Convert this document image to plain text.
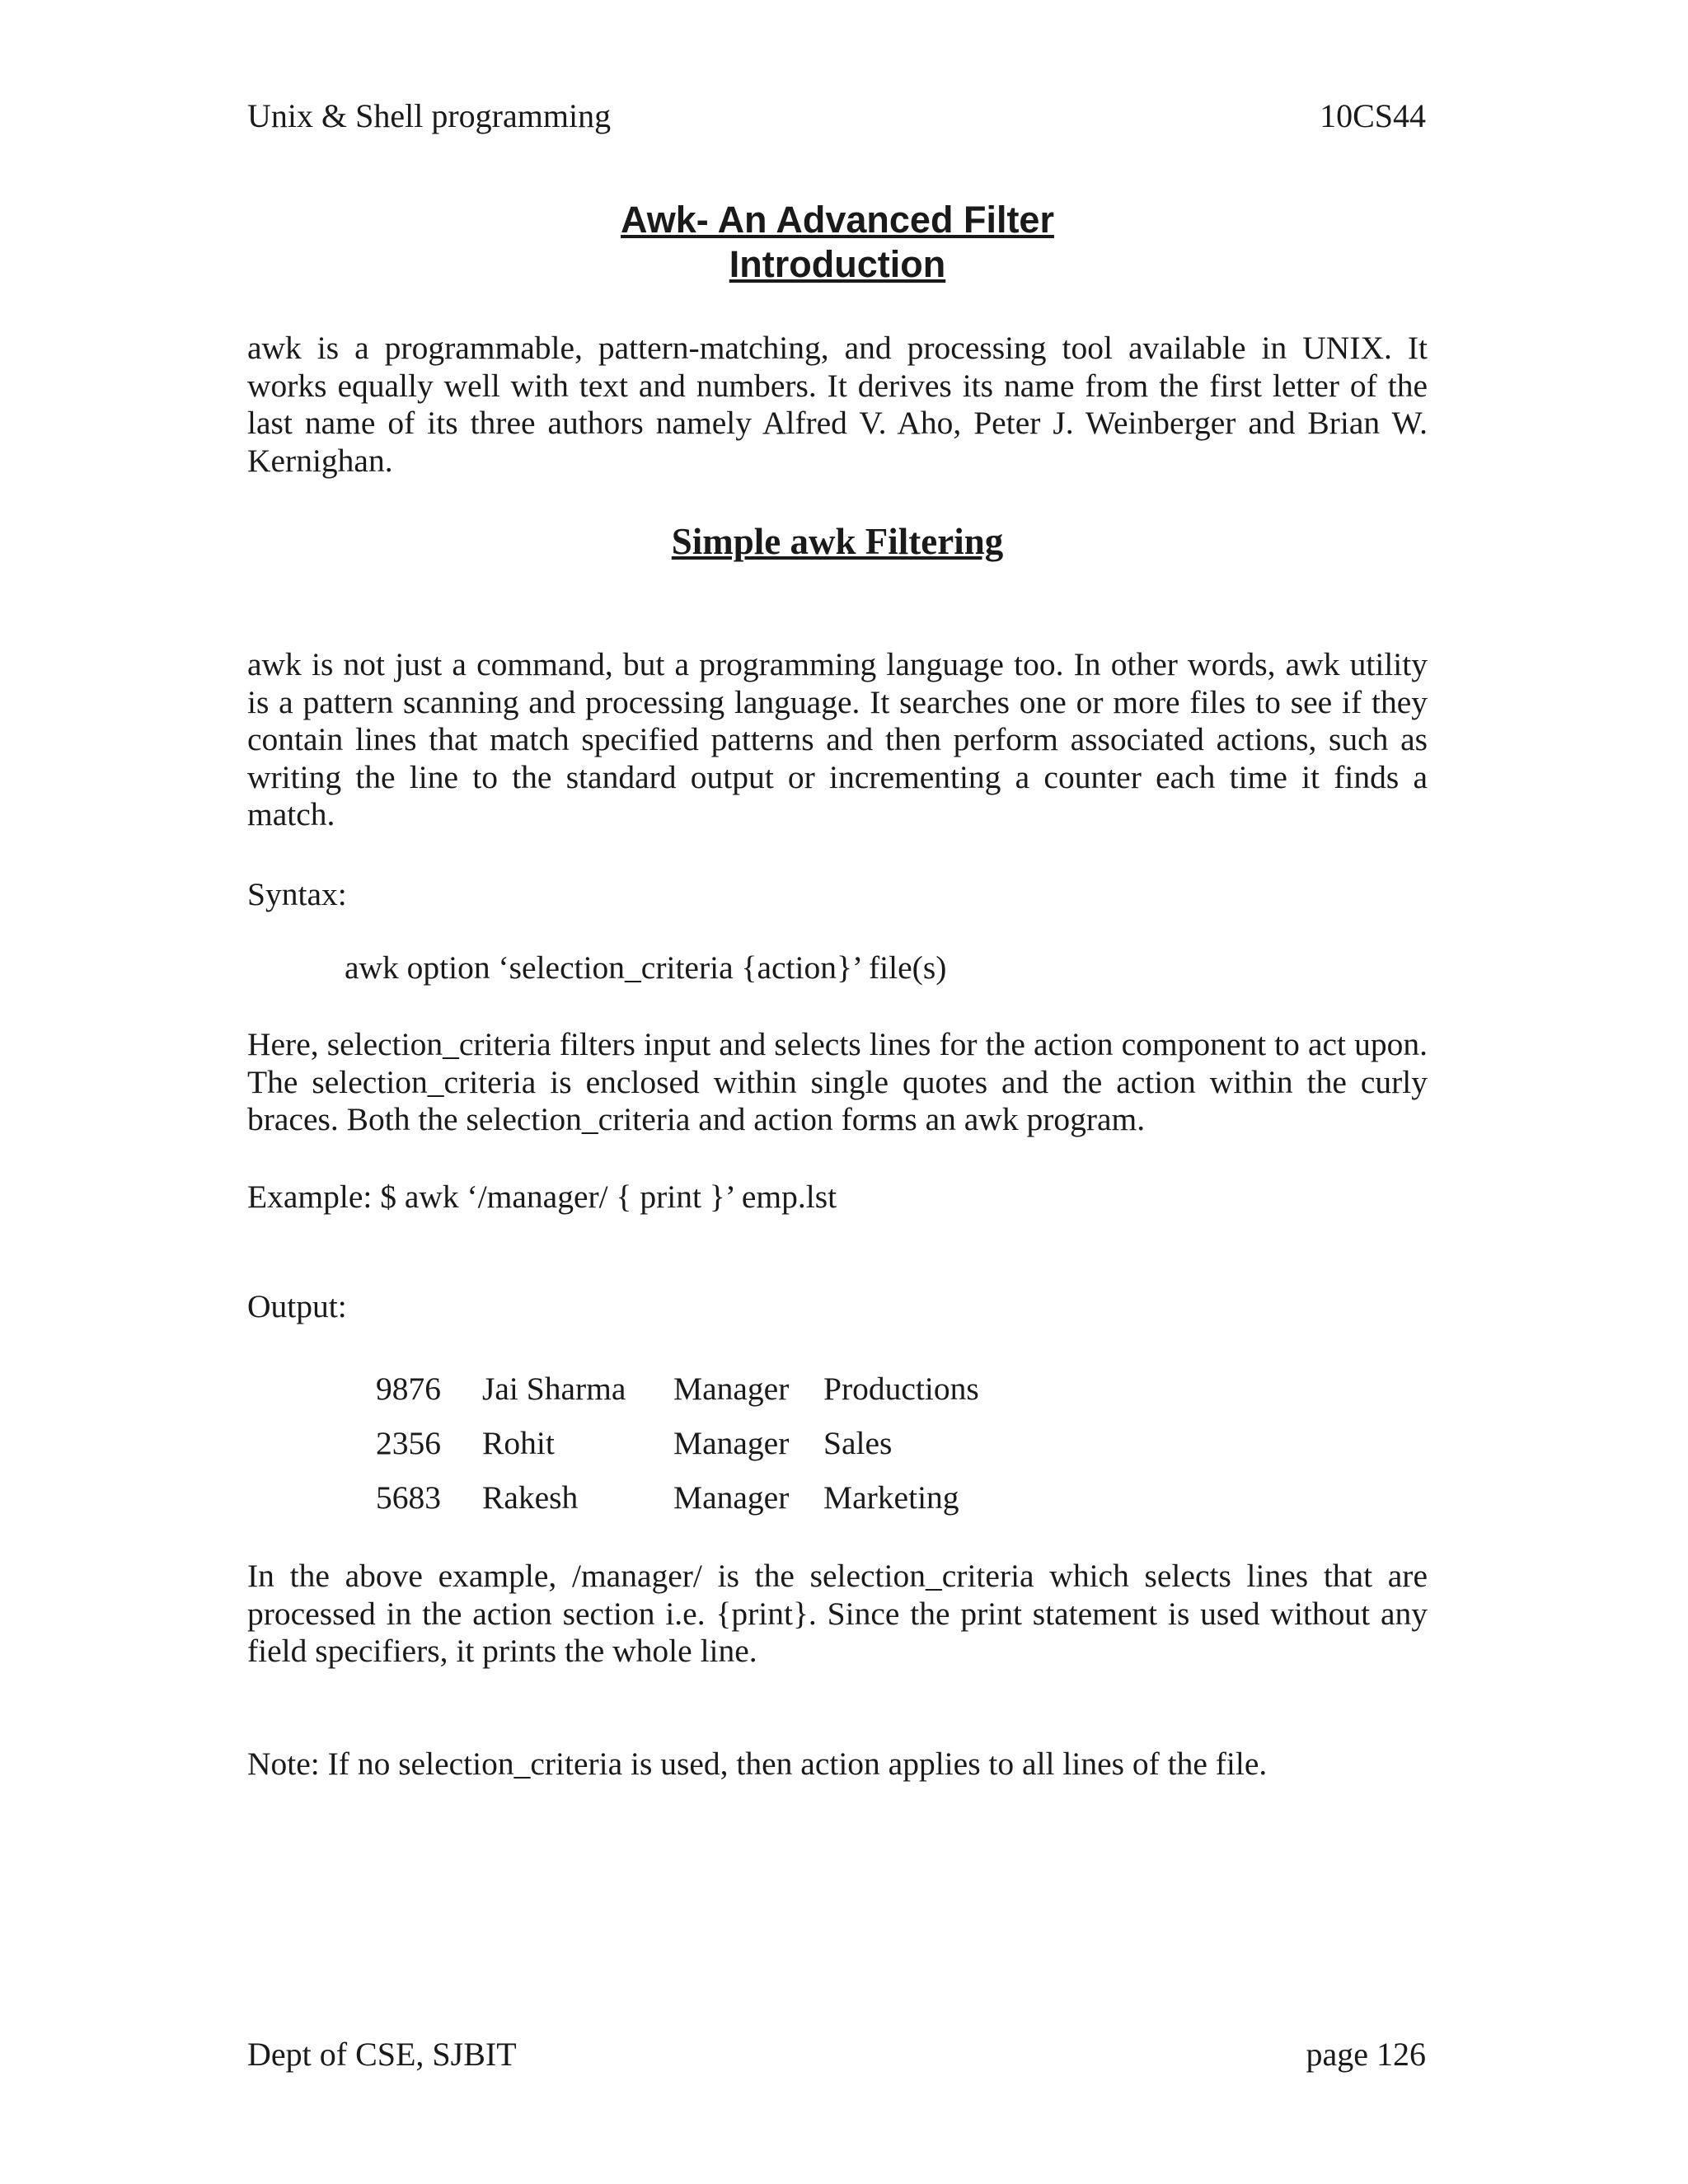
Unix & Shell programming	10CS44
Awk- An Advanced Filter
Introduction
awk is a programmable, pattern-matching, and processing tool available in UNIX. It works equally well with text and numbers. It derives its name from the first letter of the last name of its three authors namely Alfred V. Aho, Peter J. Weinberger and Brian W. Kernighan.
Simple awk Filtering
awk is not just a command, but a programming language too. In other words, awk utility is a pattern scanning and processing language. It searches one or more files to see if they contain lines that match specified patterns and then perform associated actions, such as writing the line to the standard output or incrementing a counter each time it finds a match.
Syntax:
awk option ‘selection_criteria {action}’ file(s)
Here, selection_criteria filters input and selects lines for the action component to act upon. The selection_criteria is enclosed within single quotes and the action within the curly braces. Both the selection_criteria and action forms an awk program.
Example: $ awk ‘/manager/ { print }’ emp.lst
Output:
9876	Jai Sharma	Manager	Productions
2356	Rohit	Manager	Sales
5683	Rakesh	Manager	Marketing
In the above example, /manager/ is the selection_criteria which selects lines that are processed in the action section i.e. {print}. Since the print statement is used without any field specifiers, it prints the whole line.
Note: If no selection_criteria is used, then action applies to all lines of the file.
Dept of CSE, SJBIT	page 126
